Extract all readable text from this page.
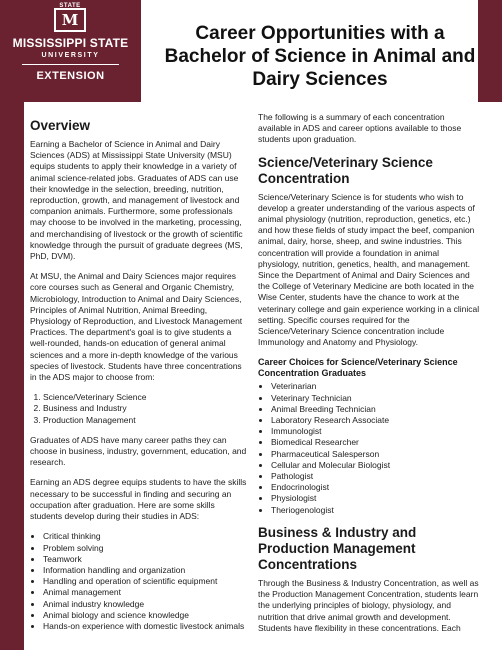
STATE
M
MISSISSIPPI STATE
UNIVERSITY
EXTENSION
Career Opportunities with a Bachelor of Science in Animal and Dairy Sciences
Overview

Earning a Bachelor of Science in Animal and Dairy Sciences (ADS) at Mississippi State University (MSU) equips students to apply their knowledge in a variety of animal science-related jobs. Graduates of ADS can use their knowledge in the selection, breeding, nutrition, reproduction, growth, and management of livestock and companion animals. Furthermore, some professionals may choose to be involved in the marketing, processing, and merchandising of livestock or the growth of scientific knowledge through the pursuit of graduate degrees (MS, PhD, DVM).

At MSU, the Animal and Dairy Sciences major requires core courses such as General and Organic Chemistry, Microbiology, Introduction to Animal and Dairy Sciences, Principles of Animal Nutrition, Animal Breeding, Physiology of Reproduction, and Livestock Management Practices. The department's goal is to give students a well-rounded, hands-on education of general animal sciences and a more in-depth knowledge of the various species of livestock. Students have three concentrations in the ADS major to choose from:

1. Science/Veterinary Science
2. Business and Industry
3. Production Management

Graduates of ADS have many career paths they can choose in business, industry, government, education, and research.

Earning an ADS degree equips students to have the skills necessary to be successful in finding and securing an occupation after graduation. Here are some skills students develop during their studies in ADS:

• Critical thinking
• Problem solving
• Teamwork
• Information handling and organization
• Handling and operation of scientific equipment
• Animal management
• Animal industry knowledge
• Animal biology and science knowledge
• Hands-on experience with domestic livestock animals

The following is a summary of each concentration available in ADS and career options available to those students upon graduation.

Science/Veterinary Science Concentration

Science/Veterinary Science is for students who wish to develop a greater understanding of the various aspects of animal physiology (nutrition, reproduction, genetics, etc.) and how these fields of study impact the beef, companion animal, dairy, horse, sheep, and swine industries. This concentration will provide a foundation in animal physiology, nutrition, genetics, health, and management. Since the Department of Animal and Dairy Sciences and the College of Veterinary Medicine are both located in the Wise Center, students have the chance to work at the veterinary college and gain experience working in a clinical setting. Specific courses required for the Science/Veterinary Science concentration include Immunology and Anatomy and Physiology.

Career Choices for Science/Veterinary Science Concentration Graduates
• Veterinarian
• Veterinary Technician
• Animal Breeding Technician
• Laboratory Research Associate
• Immunologist
• Biomedical Researcher
• Pharmaceutical Salesperson
• Cellular and Molecular Biologist
• Pathologist
• Endocrinologist
• Physiologist
• Theriogenologist
Business & Industry and Production Management Concentrations

Through the Business & Industry Concentration, as well as the Production Management Concentration, students learn the underlying principles of biology, physiology, and nutrition that drive animal growth and development. Students have flexibility in these concentrations. Each
